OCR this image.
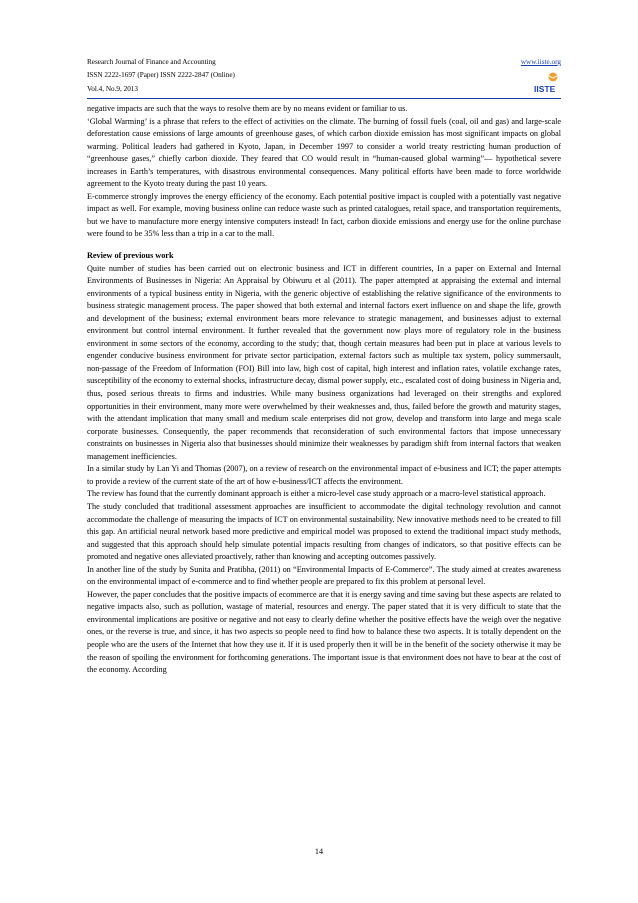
Research Journal of Finance and Accounting	www.iiste.org
ISSN 2222-1697 (Paper) ISSN 2222-2847 (Online)
Vol.4, No.9, 2013	IISTE

negative impacts are such that the ways to resolve them are by no means evident or familiar to us.

‘Global Warming’ is a phrase that refers to the effect of activities on the climate. The burning of fossil fuels (coal, oil and gas) and large-scale deforestation cause emissions of large amounts of greenhouse gases, of which carbon dioxide emission has most significant impacts on global warming. Political leaders had gathered in Kyoto, Japan, in December 1997 to consider a world treaty restricting human production of “greenhouse gases,” chiefly carbon dioxide. They feared that CO would result in “human-caused global warming”— hypothetical severe increases in Earth’s temperatures, with disastrous environmental consequences. Many political efforts have been made to force worldwide agreement to the Kyoto treaty during the past 10 years.

E-commerce strongly improves the energy efficiency of the economy. Each potential positive impact is coupled with a potentially vast negative impact as well. For example, moving business online can reduce waste such as printed catalogues, retail space, and transportation requirements, but we have to manufacture more energy intensive computers instead! In fact, carbon dioxide emissions and energy use for the online purchase were found to be 35% less than a trip in a car to the mall.

Review of previous work

Quite number of studies has been carried out on electronic business and ICT in different countries, In a paper on External and Internal Environments of Businesses in Nigeria: An Appraisal by Obiwuru et al (2011). The paper attempted at appraising the external and internal environments of a typical business entity in Nigeria, with the generic objective of establishing the relative significance of the environments to business strategic management process. The paper showed that both external and internal factors exert influence on and shape the life, growth and development of the business; external environment bears more relevance to strategic management, and businesses adjust to external environment but control internal environment. It further revealed that the government now plays more of regulatory role in the business environment in some sectors of the economy, according to the study; that, though certain measures had been put in place at various levels to engender conducive business environment for private sector participation, external factors such as multiple tax system, policy summersault, non-passage of the Freedom of Information (FOI) Bill into law, high cost of capital, high interest and inflation rates, volatile exchange rates, susceptibility of the economy to external shocks, infrastructure decay, dismal power supply, etc., escalated cost of doing business in Nigeria and, thus, posed serious threats to firms and industries. While many business organizations had leveraged on their strengths and explored opportunities in their environment, many more were overwhelmed by their weaknesses and, thus, failed before the growth and maturity stages, with the attendant implication that many small and medium scale enterprises did not grow, develop and transform into large and mega scale corporate businesses. Consequently, the paper recommends that reconsideration of such environmental factors that impose unnecessary constraints on businesses in Nigeria also that businesses should minimize their weaknesses by paradigm shift from internal factors that weaken management inefficiencies.

In a similar study by Lan Yi and Thomas (2007), on a review of research on the environmental impact of e-business and ICT; the paper attempts to provide a review of the current state of the art of how e-business/ICT affects the environment.

The review has found that the currently dominant approach is either a micro-level case study approach or a macro-level statistical approach.

The study concluded that traditional assessment approaches are insufficient to accommodate the digital technology revolution and cannot accommodate the challenge of measuring the impacts of ICT on environmental sustainability. New innovative methods need to be created to fill this gap. An artificial neural network based more predictive and empirical model was proposed to extend the traditional impact study methods, and suggested that this approach should help simulate potential impacts resulting from changes of indicators, so that positive effects can be promoted and negative ones alleviated proactively, rather than knowing and accepting outcomes passively.

In another line of the study by Sunita and Pratibha, (2011) on “Environmental Impacts of E-Commerce”. The study aimed at creates awareness on the environmental impact of e-commerce and to find whether people are prepared to fix this problem at personal level.

However, the paper concludes that the positive impacts of ecommerce are that it is energy saving and time saving but these aspects are related to negative impacts also, such as pollution, wastage of material, resources and energy. The paper stated that it is very difficult to state that the environmental implications are positive or negative and not easy to clearly define whether the positive effects have the weigh over the negative ones, or the reverse is true, and since, it has two aspects so people need to find how to balance these two aspects. It is totally dependent on the people who are the users of the Internet that how they use it. If it is used properly then it will be in the benefit of the society otherwise it may be the reason of spoiling the environment for forthcoming generations. The important issue is that environment does not have to bear at the cost of the economy. According

14
